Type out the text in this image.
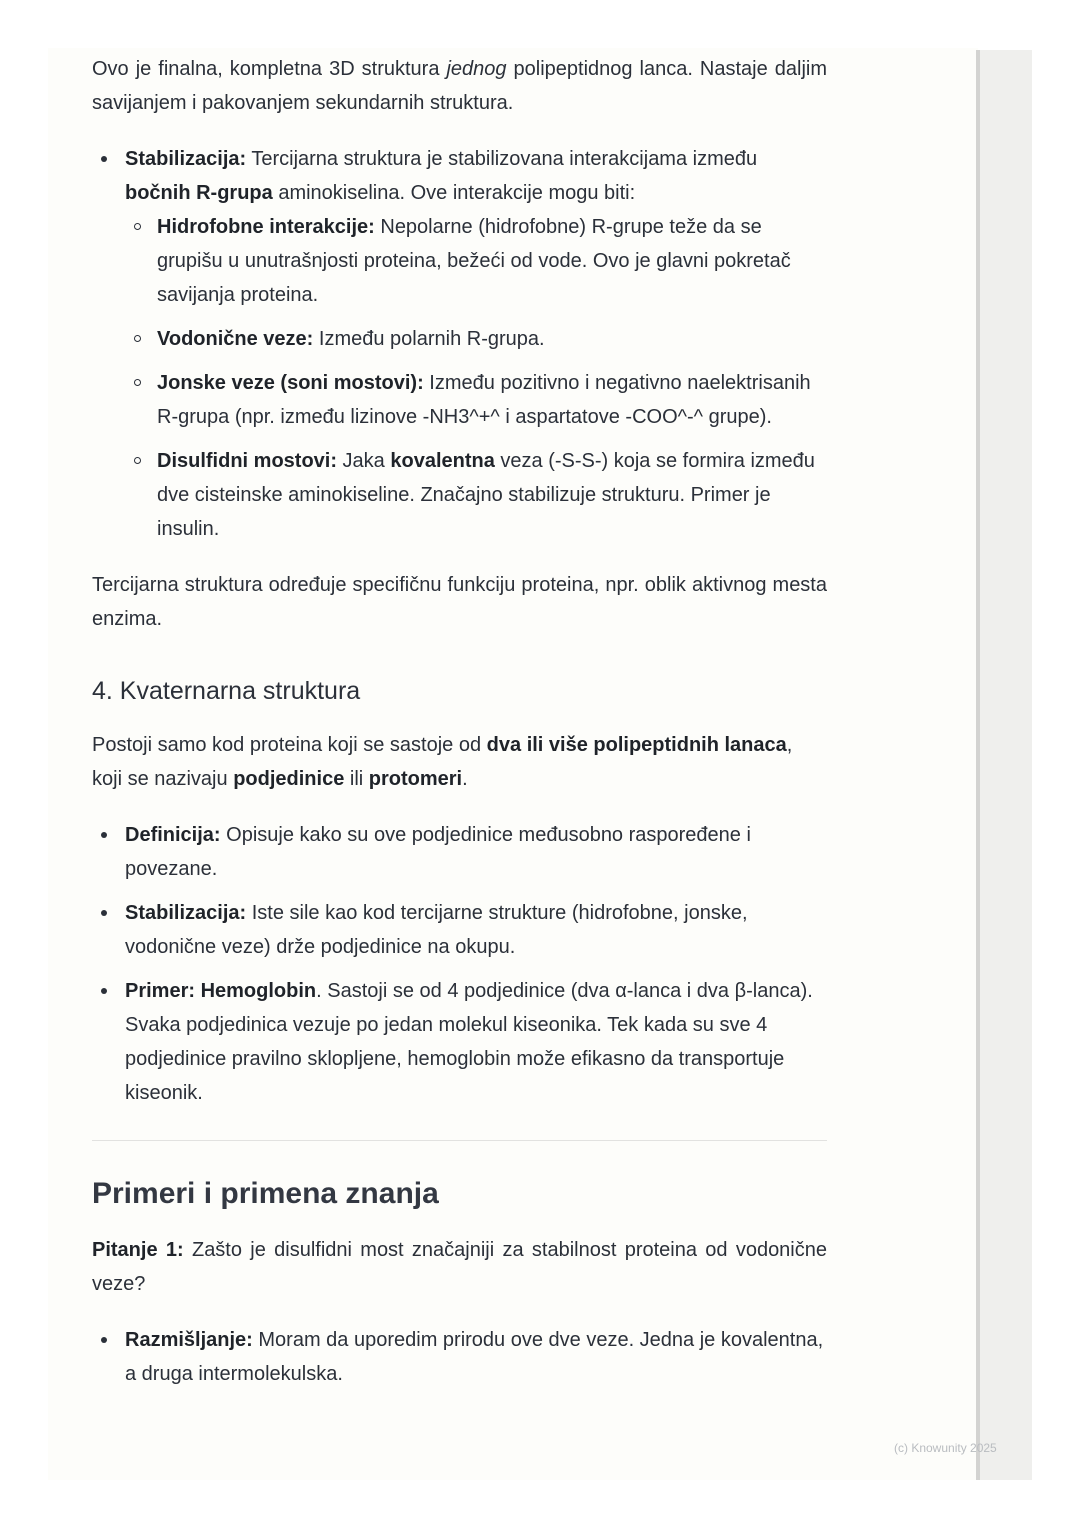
(c) Knowunity 2025

Ovo je finalna, kompletna 3D struktura jednog polipeptidnog lanca. Nastaje daljim savijanjem i pakovanjem sekundarnih struktura.

Stabilizacija: Tercijarna struktura je stabilizovana interakcijama između bočnih R-grupa aminokiselina. Ove interakcije mogu biti:
Hidrofobne interakcije: Nepolarne (hidrofobne) R-grupe teže da se grupišu u unutrašnjosti proteina, bežeći od vode. Ovo je glavni pokretač savijanja proteina.
Vodonične veze: Između polarnih R-grupa.
Jonske veze (soni mostovi): Između pozitivno i negativno naelektrisanih R-grupa (npr. između lizinove -NH3^+^ i aspartatove -COO^-^ grupe).
Disulfidni mostovi: Jaka kovalentna veza (-S-S-) koja se formira između dve cisteinske aminokiseline. Značajno stabilizuje strukturu. Primer je insulin.

Tercijarna struktura određuje specifičnu funkciju proteina, npr. oblik aktivnog mesta enzima.

4. Kvaternarna struktura

Postoji samo kod proteina koji se sastoje od dva ili više polipeptidnih lanaca, koji se nazivaju podjedinice ili protomeri.

Definicija: Opisuje kako su ove podjedinice međusobno raspoređene i povezane.
Stabilizacija: Iste sile kao kod tercijarne strukture (hidrofobne, jonske, vodonične veze) drže podjedinice na okupu.
Primer: Hemoglobin. Sastoji se od 4 podjedinice (dva α-lanca i dva β-lanca). Svaka podjedinica vezuje po jedan molekul kiseonika. Tek kada su sve 4 podjedinice pravilno sklopljene, hemoglobin može efikasno da transportuje kiseonik.
Primeri i primena znanja

Pitanje 1: Zašto je disulfidni most značajniji za stabilnost proteina od vodonične veze?

Razmišljanje: Moram da uporedim prirodu ove dve veze. Jedna je kovalentna, a druga intermolekulska.
